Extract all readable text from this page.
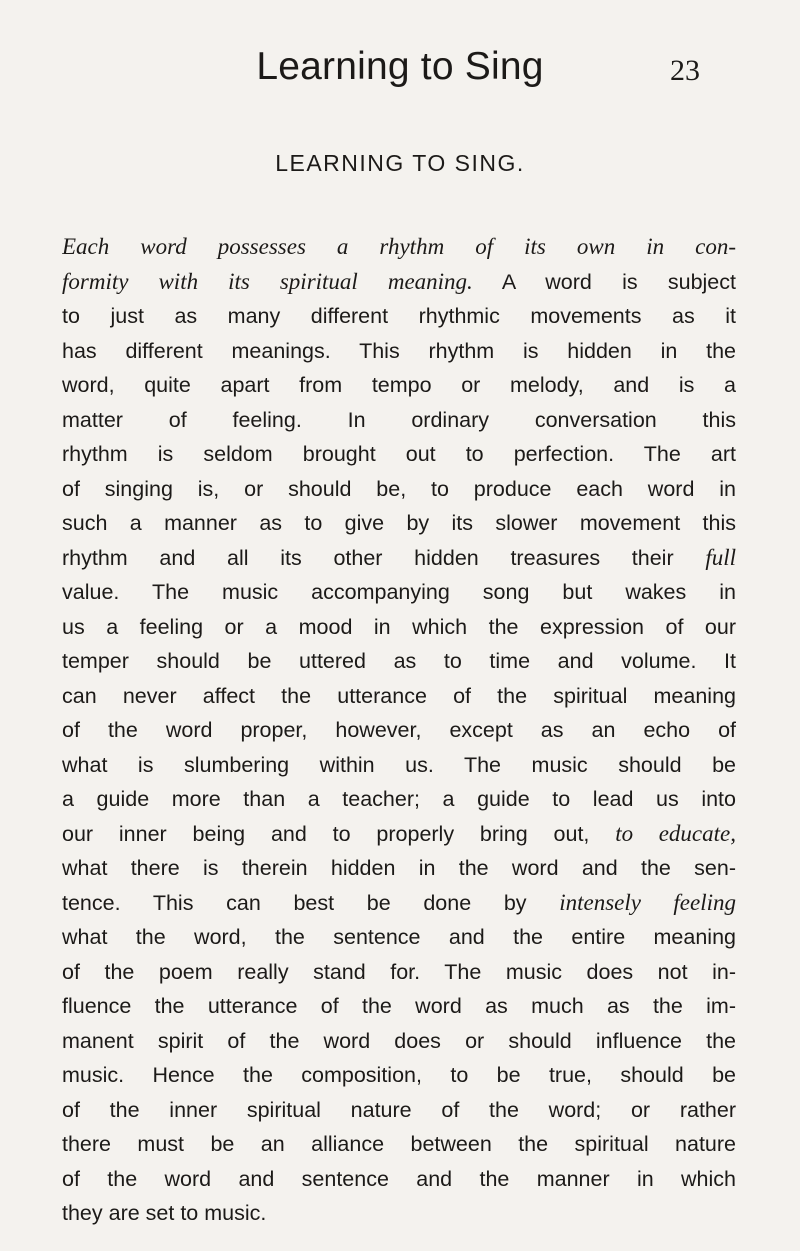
Learning to Sing	23
LEARNING TO SING.
Each word possesses a rhythm of its own in con-
formity with its spiritual meaning. A word is subject
to just as many different rhythmic movements as it
has different meanings. This rhythm is hidden in the
word, quite apart from tempo or melody, and is a
matter of feeling. In ordinary conversation this
rhythm is seldom brought out to perfection. The art
of singing is, or should be, to produce each word in
such a manner as to give by its slower movement this
rhythm and all its other hidden treasures their full
value. The music accompanying song but wakes in
us a feeling or a mood in which the expression of our
temper should be uttered as to time and volume. It
can never affect the utterance of the spiritual meaning
of the word proper, however, except as an echo of
what is slumbering within us. The music should be
a guide more than a teacher; a guide to lead us into
our inner being and to properly bring out, to educate,
what there is therein hidden in the word and the sen-
tence. This can best be done by intensely feeling
what the word, the sentence and the entire meaning
of the poem really stand for. The music does not in-
fluence the utterance of the word as much as the im-
manent spirit of the word does or should influence the
music. Hence the composition, to be true, should be
of the inner spiritual nature of the word; or rather
there must be an alliance between the spiritual nature
of the word and sentence and the manner in which
they are set to music.
